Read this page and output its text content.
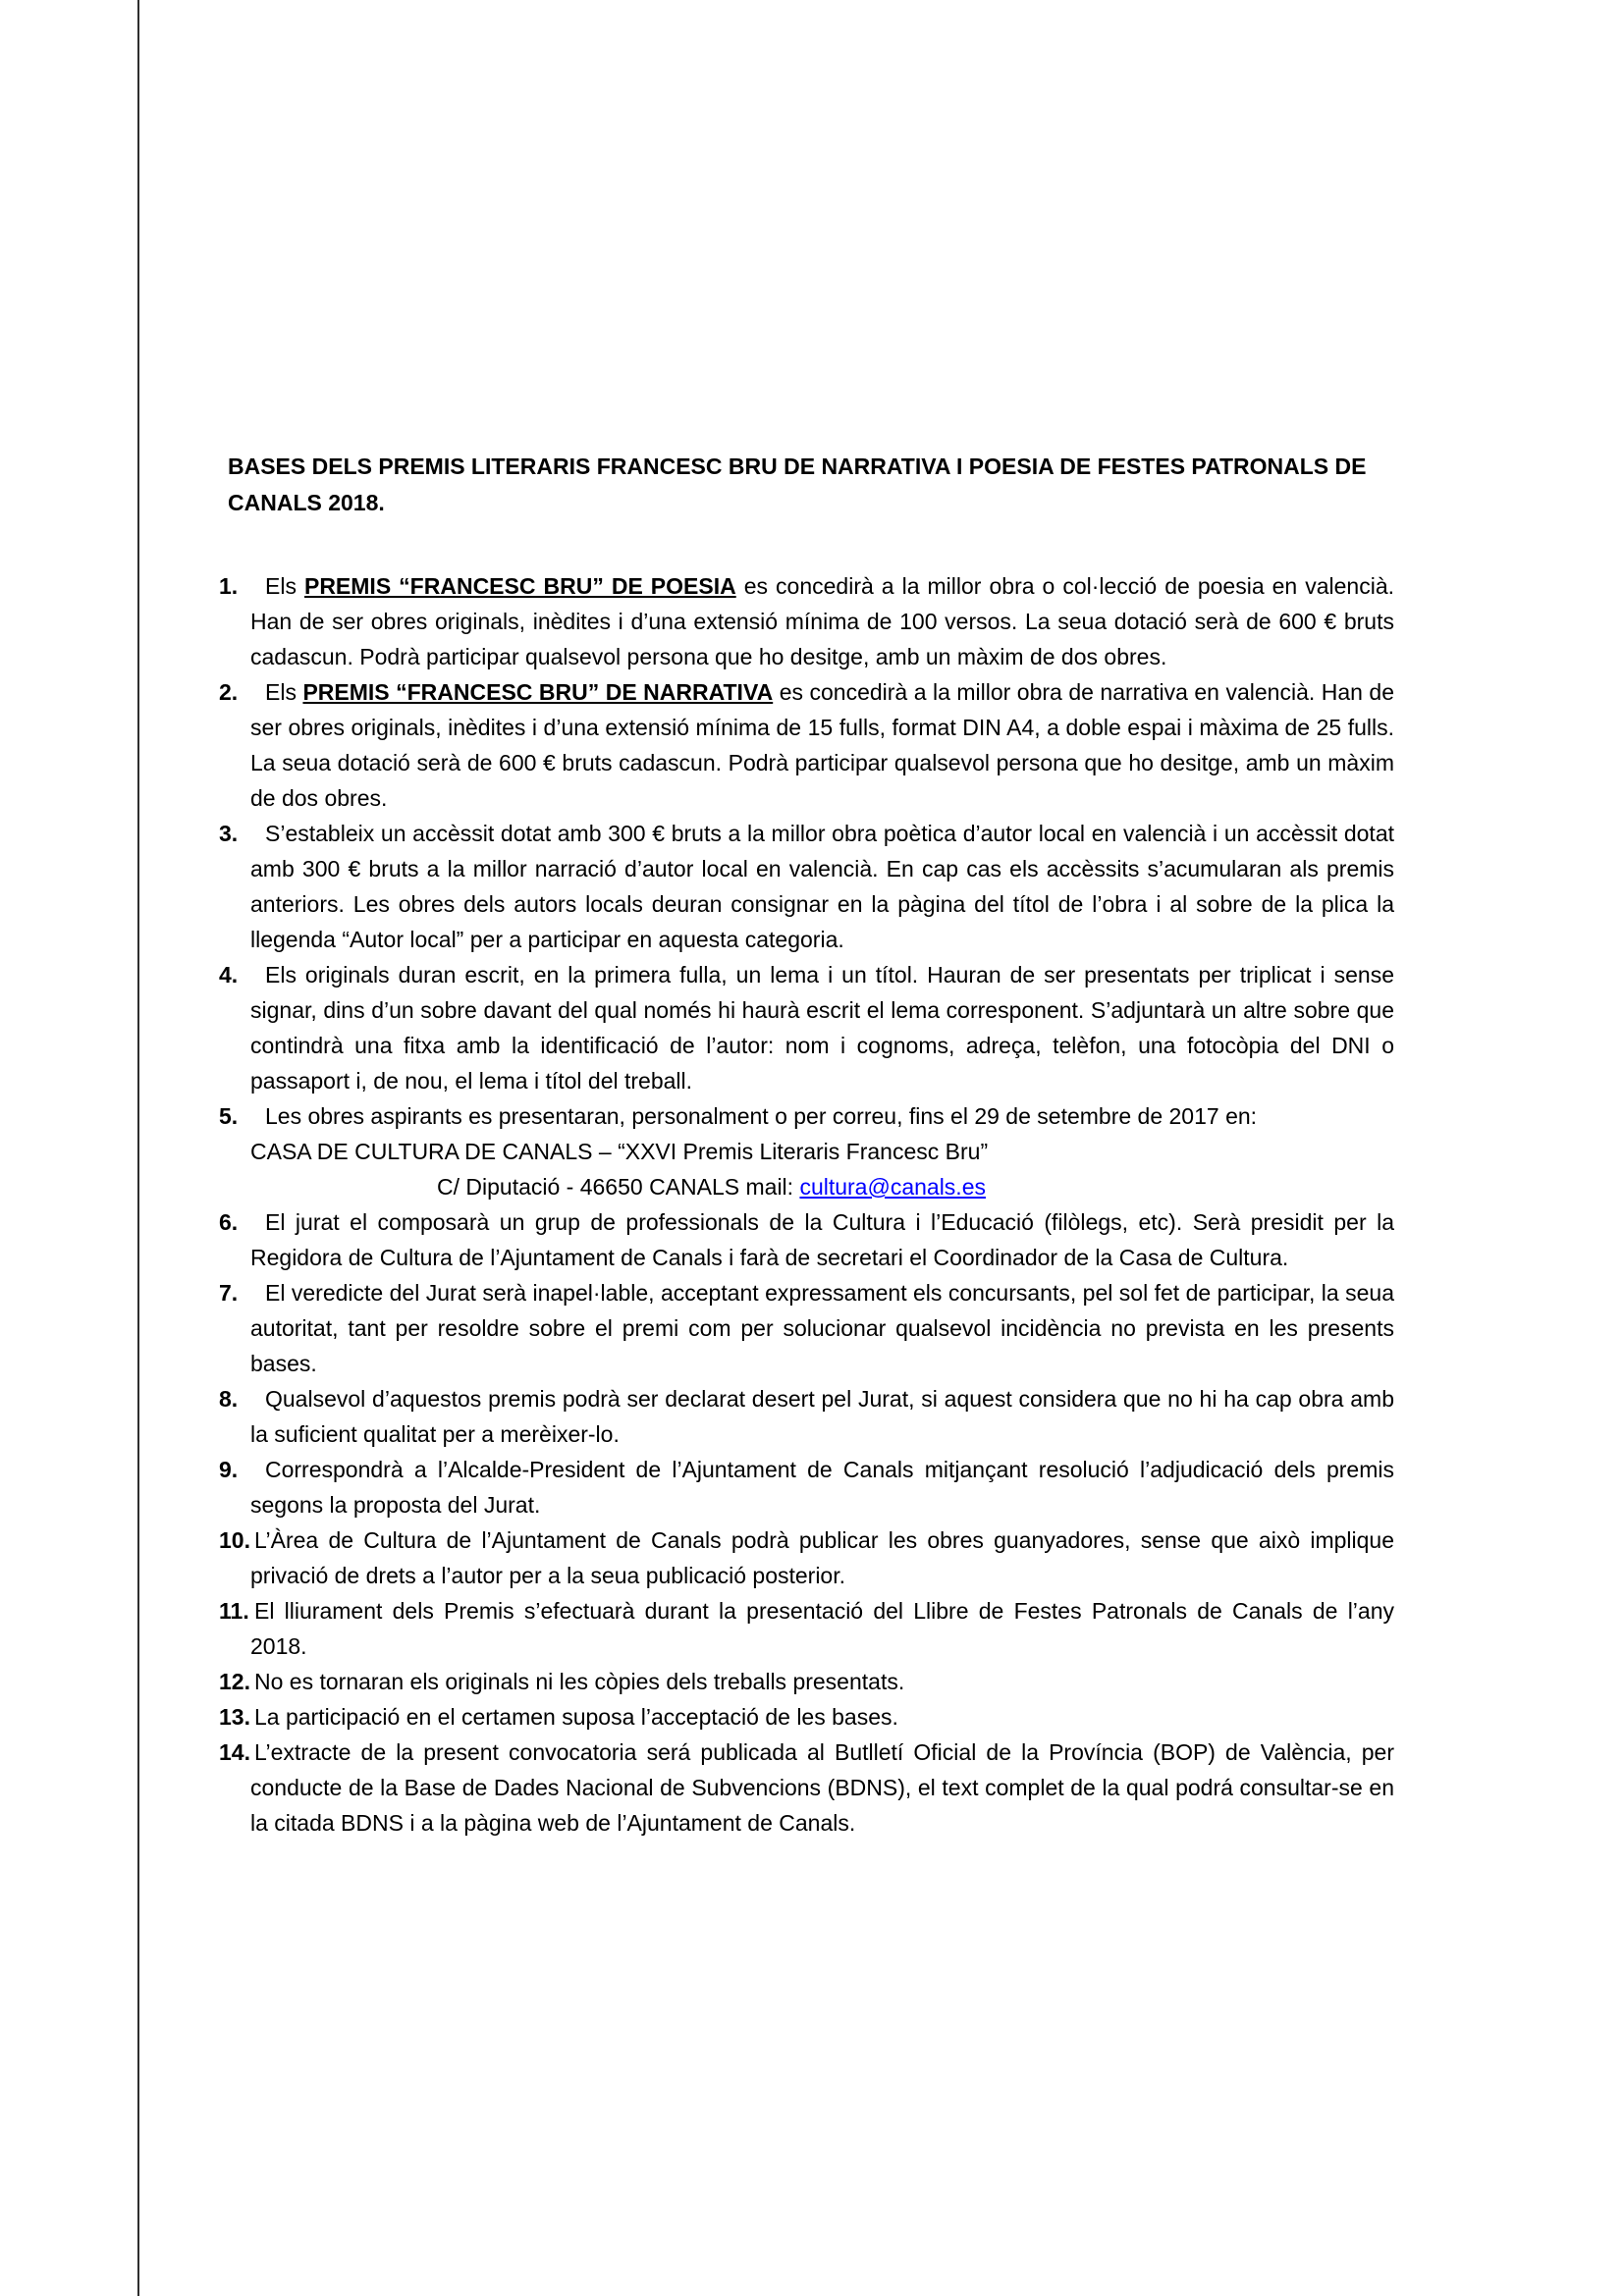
BASES DELS PREMIS LITERARIS FRANCESC BRU DE NARRATIVA I POESIA DE FESTES PATRONALS DE CANALS 2018.
1. Els PREMIS “FRANCESC BRU” DE POESIA es concedirà a la millor obra o col·lecció de poesia en valencià. Han de ser obres originals, inèdites i d’una extensió mínima de 100 versos. La seua dotació serà de 600 € bruts cadascun. Podrà participar qualsevol persona que ho desitge, amb un màxim de dos obres.
2. Els PREMIS “FRANCESC BRU” DE NARRATIVA es concedirà a la millor obra de narrativa en valencià. Han de ser obres originals, inèdites i d’una extensió mínima de 15 fulls, format DIN A4, a doble espai i màxima de 25 fulls. La seua dotació serà de 600 € bruts cadascun. Podrà participar qualsevol persona que ho desitge, amb un màxim de dos obres.
3. S’estableix un accèssit dotat amb 300 € bruts a la millor obra poètica d’autor local en valencià i un accèssit dotat amb 300 € bruts a la millor narració d’autor local en valencià. En cap cas els accèssits s’acumularan als premis anteriors. Les obres dels autors locals deuran consignar en la pàgina del títol de l’obra i al sobre de la plica la llegenda “Autor local” per a participar en aquesta categoria.
4. Els originals duran escrit, en la primera fulla, un lema i un títol. Hauran de ser presentats per triplicat i sense signar, dins d’un sobre davant del qual només hi haurà escrit el lema corresponent. S’adjuntarà un altre sobre que contindrà una fitxa amb la identificació de l’autor: nom i cognoms, adreça, telèfon, una fotocòpia del DNI o passaport i, de nou, el lema i títol del treball.
5. Les obres aspirants es presentaran, personalment o per correu, fins el 29 de setembre de 2017 en:
CASA DE CULTURA DE CANALS – “XXVI Premis Literaris Francesc Bru”
C/ Diputació - 46650 CANALS mail: cultura@canals.es
6. El jurat el composarà un grup de professionals de la Cultura i l’Educació (filòlegs, etc). Serà presidit per la Regidora de Cultura de l’Ajuntament de Canals i farà de secretari el Coordinador de la Casa de Cultura.
7. El veredicte del Jurat serà inapel·lable, acceptant expressament els concursants, pel sol fet de participar, la seua autoritat, tant per resoldre sobre el premi com per solucionar qualsevol incidència no prevista en les presents bases.
8. Qualsevol d’aquestos premis podrà ser declarat desert pel Jurat, si aquest considera que no hi ha cap obra amb la suficient qualitat per a merèixer-lo.
9. Correspondrà a l’Alcalde-President de l’Ajuntament de Canals mitjançant resolució l’adjudicació dels premis segons la proposta del Jurat.
10. L’Àrea de Cultura de l’Ajuntament de Canals podrà publicar les obres guanyadores, sense que això implique privació de drets a l’autor per a la seua publicació posterior.
11. El lliurament dels Premis s’efectuarà durant la presentació del Llibre de Festes Patronals de Canals de l’any 2018.
12. No es tornaran els originals ni les còpies dels treballs presentats.
13. La participació en el certamen suposa l’acceptació de les bases.
14. L’extracte de la present convocatoria será publicada al Butlletí Oficial de la Província (BOP) de València, per conducte de la Base de Dades Nacional de Subvencions (BDNS), el text complet de la qual podrá consultar-se en la citada BDNS i a la pàgina web de l’Ajuntament de Canals.
